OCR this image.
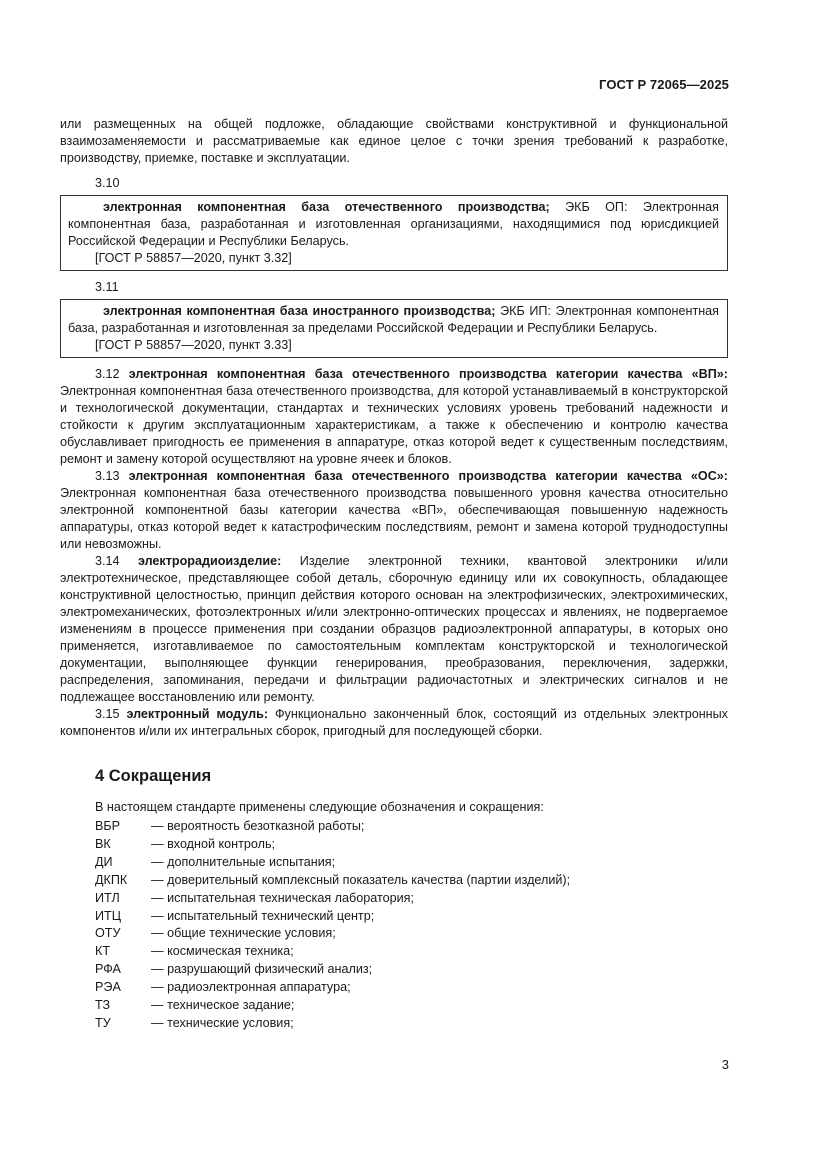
ГОСТ Р 72065—2025

или размещенных на общей подложке, обладающие свойствами конструктивной и функциональной взаимозаменяемости и рассматриваемые как единое целое с точки зрения требований к разработке, производству, приемке, поставке и эксплуатации.

3.10

электронная компонентная база отечественного производства; ЭКБ ОП: Электронная компонентная база, разработанная и изготовленная организациями, находящимися под юрисдикцией Российской Федерации и Республики Беларусь.

[ГОСТ Р 58857—2020, пункт 3.32]

3.11

электронная компонентная база иностранного производства; ЭКБ ИП: Электронная компонентная база, разработанная и изготовленная за пределами Российской Федерации и Республики Беларусь.

[ГОСТ Р 58857—2020, пункт 3.33]

3.12 электронная компонентная база отечественного производства категории качества «ВП»: Электронная компонентная база отечественного производства, для которой устанавливаемый в конструкторской и технологической документации, стандартах и технических условиях уровень требований надежности и стойкости к другим эксплуатационным характеристикам, а также к обеспечению и контролю качества обуславливает пригодность ее применения в аппаратуре, отказ которой ведет к существенным последствиям, ремонт и замену которой осуществляют на уровне ячеек и блоков.

3.13 электронная компонентная база отечественного производства категории качества «ОС»: Электронная компонентная база отечественного производства повышенного уровня качества относительно электронной компонентной базы категории качества «ВП», обеспечивающая повышенную надежность аппаратуры, отказ которой ведет к катастрофическим последствиям, ремонт и замена которой труднодоступны или невозможны.

3.14 электрорадиоизделие: Изделие электронной техники, квантовой электроники и/или электротехническое, представляющее собой деталь, сборочную единицу или их совокупность, обладающее конструктивной целостностью, принцип действия которого основан на электрофизических, электрохимических, электромеханических, фотоэлектронных и/или электронно-оптических процессах и явлениях, не подвергаемое изменениям в процессе применения при создании образцов радиоэлектронной аппаратуры, в которых оно применяется, изготавливаемое по самостоятельным комплектам конструкторской и технологической документации, выполняющее функции генерирования, преобразования, переключения, задержки, распределения, запоминания, передачи и фильтрации радиочастотных и электрических сигналов и не подлежащее восстановлению или ремонту.

3.15 электронный модуль: Функционально законченный блок, состоящий из отдельных электронных компонентов и/или их интегральных сборок, пригодный для последующей сборки.

4 Сокращения

В настоящем стандарте применены следующие обозначения и сокращения:

ВБР	— вероятность безотказной работы;
ВК	— входной контроль;
ДИ	— дополнительные испытания;
ДКПК	— доверительный комплексный показатель качества (партии изделий);
ИТЛ	— испытательная техническая лаборатория;
ИТЦ	— испытательный технический центр;
ОТУ	— общие технические условия;
КТ	— космическая техника;
РФА	— разрушающий физический анализ;
РЭА	— радиоэлектронная аппаратура;
ТЗ	— техническое задание;
ТУ	— технические условия;
3
